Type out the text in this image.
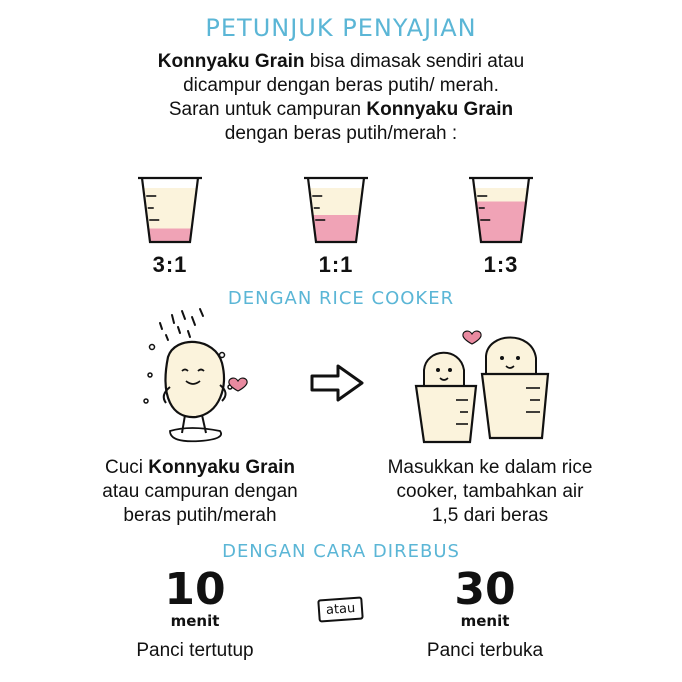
PETUNJUK PENYAJIAN
Konnyaku Grain bisa dimasak sendiri atau
dicampur dengan beras putih/ merah.
Saran untuk campuran Konnyaku Grain
dengan beras putih/merah :
3:1	1:1	1:3
DENGAN RICE COOKER
Cuci Konnyaku Grain
atau campuran dengan
beras putih/merah
Masukkan ke dalam rice
cooker, tambahkan air
1,5 dari beras
DENGAN CARA DIREBUS
10
menit
Panci tertutup
atau	30
menit
Panci terbuka
